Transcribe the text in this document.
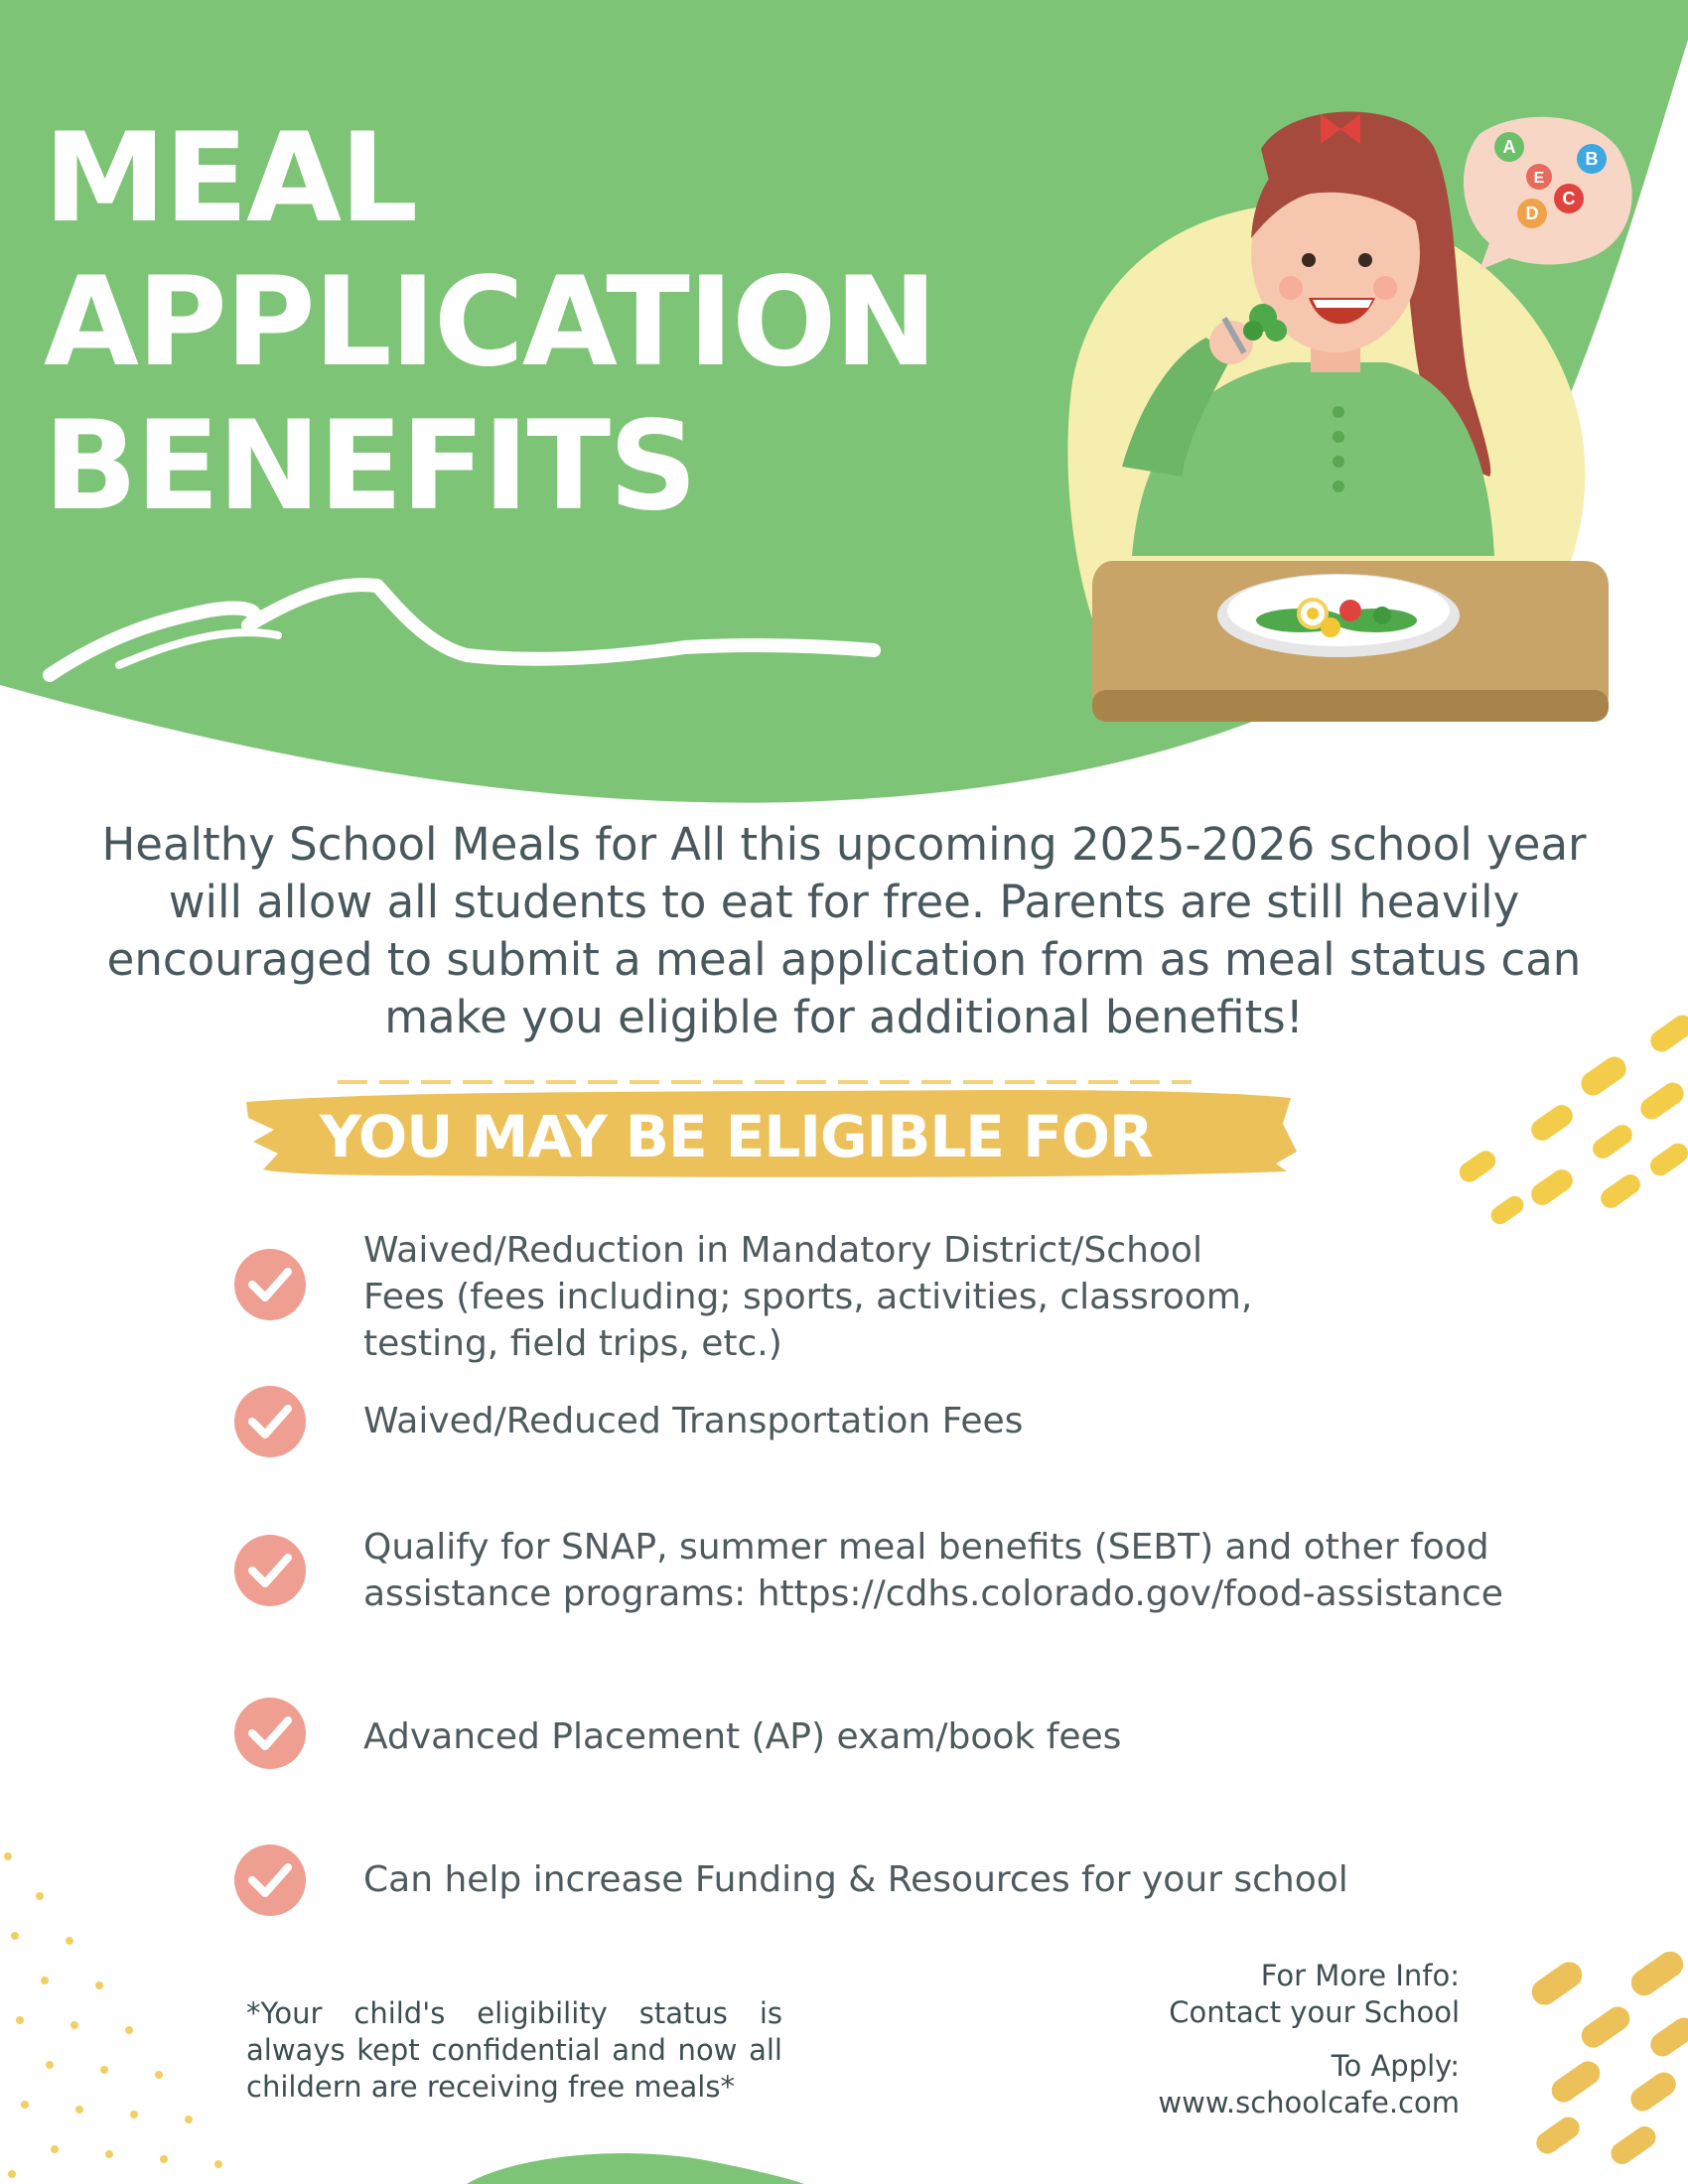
A
B
E
C
D
MEAL
APPLICATION
BENEFITS

Healthy School Meals for All this upcoming 2025-2026 school year will allow all students to eat for free. Parents are still heavily encouraged to submit a meal application form as meal status can make you eligible for additional benefits!

YOU MAY BE ELIGIBLE FOR

Waived/Reduction in Mandatory District/School
Fees (fees including; sports, activities, classroom,
testing, field trips, etc.)
Waived/Reduced Transportation Fees
Qualify for SNAP, summer meal benefits (SEBT) and other food
assistance programs: https://cdhs.colorado.gov/food-assistance
Advanced Placement (AP) exam/book fees
Can help increase Funding & Resources for your school

*Your child's eligibility status is always kept confidential and now all childern are receiving free meals*

For More Info:
Contact your School
To Apply:
www.schoolcafe.com
